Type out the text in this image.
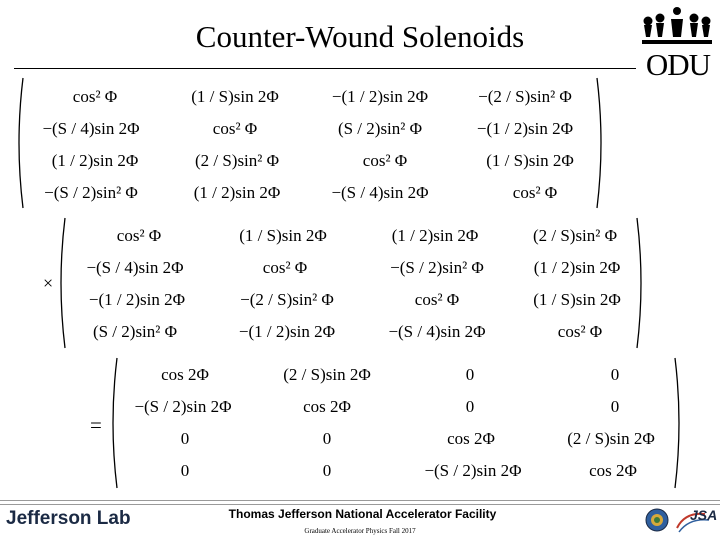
Counter-Wound Solenoids
ODU
cos² Φ	(1 / S)sin 2Φ	−(1 / 2)sin 2Φ	−(2 / S)sin² Φ
−(S / 4)sin 2Φ	cos² Φ	(S / 2)sin² Φ	−(1 / 2)sin 2Φ
(1 / 2)sin 2Φ	(2 / S)sin² Φ	cos² Φ	(1 / S)sin 2Φ
−(S / 2)sin² Φ	(1 / 2)sin 2Φ	−(S / 4)sin 2Φ	cos² Φ
×
cos² Φ	(1 / S)sin 2Φ	(1 / 2)sin 2Φ	(2 / S)sin² Φ
−(S / 4)sin 2Φ	cos² Φ	−(S / 2)sin² Φ	(1 / 2)sin 2Φ
−(1 / 2)sin 2Φ	−(2 / S)sin² Φ	cos² Φ	(1 / S)sin 2Φ
(S / 2)sin² Φ	−(1 / 2)sin 2Φ	−(S / 4)sin 2Φ	cos² Φ
=
cos 2Φ	(2 / S)sin 2Φ	0	0
−(S / 2)sin 2Φ	cos 2Φ	0	0
0	0	cos 2Φ	(2 / S)sin 2Φ
0	0	−(S / 2)sin 2Φ	cos 2Φ
Jefferson Lab	Thomas Jefferson National Accelerator Facility
Graduate Accelerator Physics Fall 2017
JSA
